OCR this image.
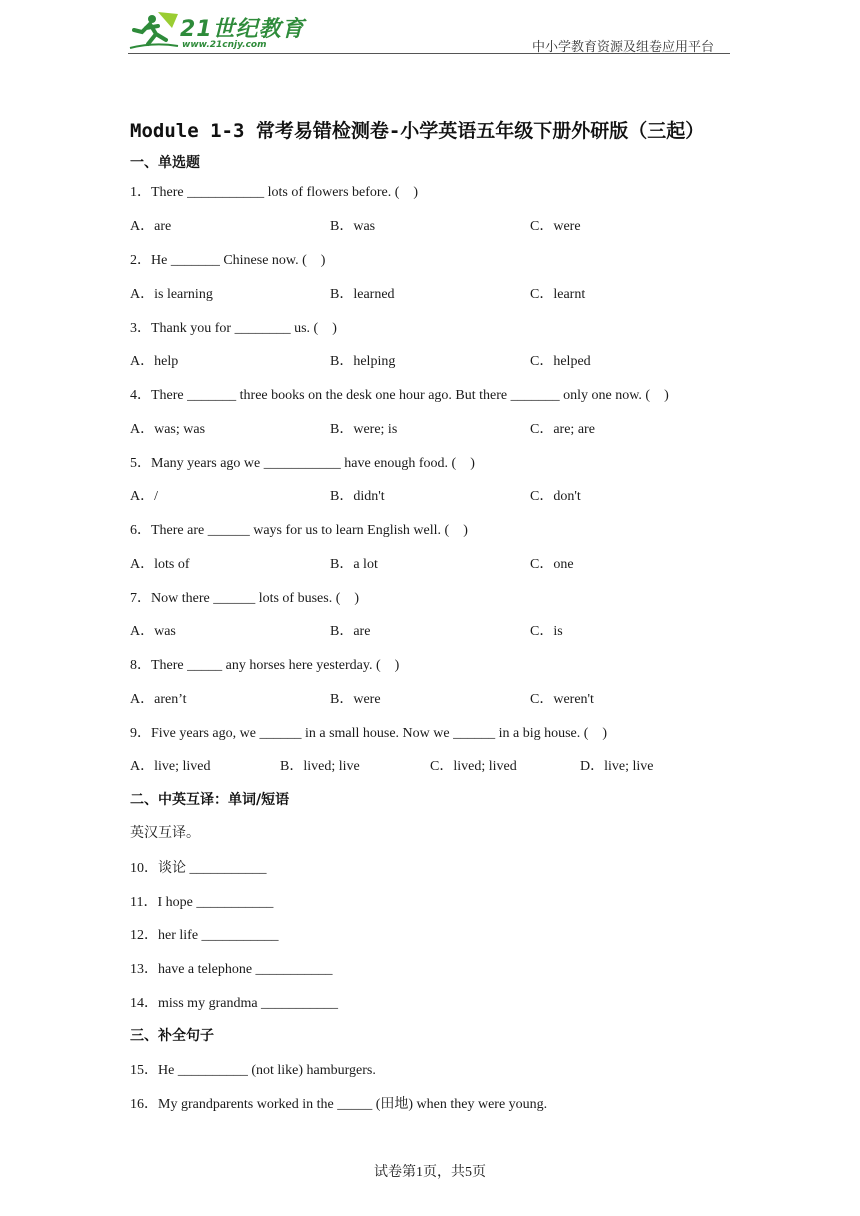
21世纪教育
www.21cnjy.com	中小学教育资源及组卷应用平台
Module 1-3 常考易错检测卷-小学英语五年级下册外研版（三起）
一、单选题
1．There ___________ lots of flowers before. (　)
A．are	B．was	C．were
2．He _______ Chinese now. (　)
A．is learning	B．learned	C．learnt
3．Thank you for ________ us. (　)
A．help	B．helping	C．helped
4．There _______ three books on the desk one hour ago. But there _______ only one now. (　)
A．was; was	B．were; is	C．are; are
5．Many years ago we ___________ have enough food. (　)
A．/	B．didn't	C．don't
6．There are ______ ways for us to learn English well. (　)
A．lots of	B．a lot	C．one
7．Now there ______ lots of buses. (　)
A．was	B．are	C．is
8．There _____ any horses here yesterday. (　)
A．aren’t	B．were	C．weren't
9．Five years ago, we ______ in a small house. Now we ______ in a big house. (　)
A．live; lived	B．lived; live	C．lived; lived	D．live; live
二、中英互译：单词/短语
英汉互译。
10．谈论 ___________
11．I hope ___________
12．her life ___________
13．have a telephone ___________
14．miss my grandma ___________
三、补全句子
15．He __________ (not like) hamburgers.
16．My grandparents worked in the _____ (田地) when they were young.
试卷第1页，共5页
